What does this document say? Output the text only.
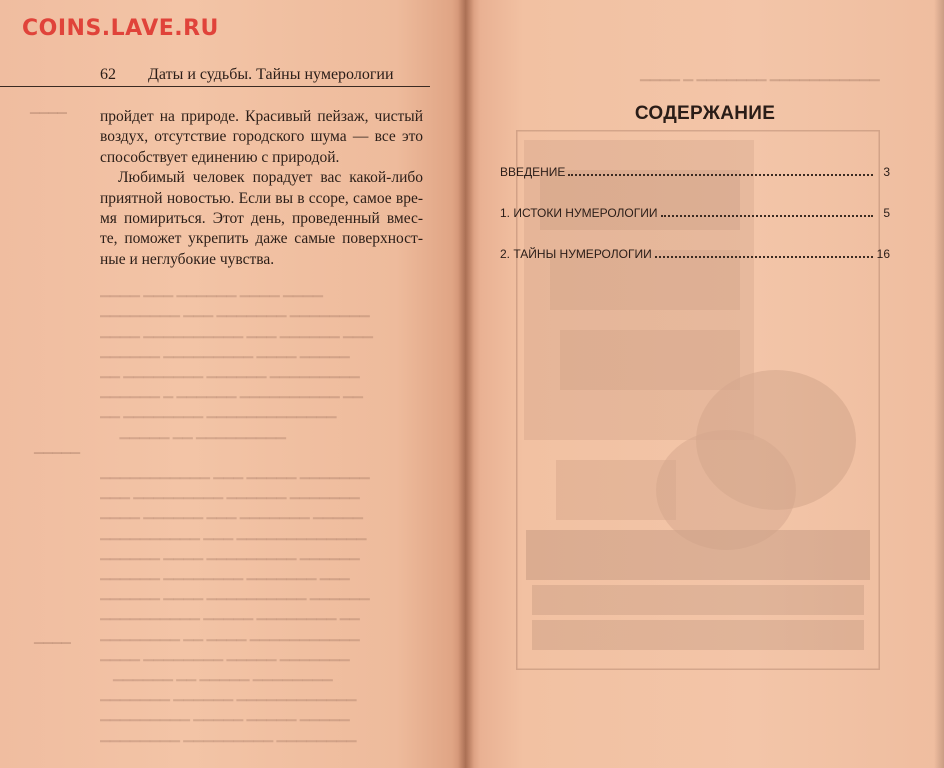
▁▁▁▁ ▁▁▁ ▁▁▁▁▁▁ ▁▁▁▁ ▁▁▁▁
▁▁▁▁▁▁▁▁ ▁▁▁ ▁▁▁▁▁▁▁ ▁▁▁▁▁▁▁▁
▁▁▁▁ ▁▁▁▁▁▁▁▁▁▁ ▁▁▁ ▁▁▁▁▁▁ ▁▁▁
▁▁▁▁▁▁ ▁▁▁▁▁▁▁▁▁ ▁▁▁▁ ▁▁▁▁▁
▁▁ ▁▁▁▁▁▁▁▁ ▁▁▁▁▁▁ ▁▁▁▁▁▁▁▁▁
▁▁▁▁▁▁ ▁ ▁▁▁▁▁▁ ▁▁▁▁▁▁▁▁▁▁ ▁▁
▁▁ ▁▁▁▁▁▁▁▁ ▁▁▁▁▁▁▁▁▁▁▁▁▁
▁▁▁▁▁ ▁▁ ▁▁▁▁▁▁▁▁▁

▁▁▁▁▁▁▁▁▁▁▁ ▁▁▁ ▁▁▁▁▁ ▁▁▁▁▁▁▁
▁▁▁ ▁▁▁▁▁▁▁▁▁ ▁▁▁▁▁▁ ▁▁▁▁▁▁▁
▁▁▁▁ ▁▁▁▁▁▁ ▁▁▁ ▁▁▁▁▁▁▁ ▁▁▁▁▁
▁▁▁▁▁▁▁▁▁▁ ▁▁▁ ▁▁▁▁▁▁▁▁▁▁▁▁▁
▁▁▁▁▁▁ ▁▁▁▁ ▁▁▁▁▁▁▁▁▁ ▁▁▁▁▁▁
▁▁▁▁▁▁ ▁▁▁▁▁▁▁▁ ▁▁▁▁▁▁▁ ▁▁▁
▁▁▁▁▁▁ ▁▁▁▁ ▁▁▁▁▁▁▁▁▁▁ ▁▁▁▁▁▁
▁▁▁▁▁▁▁▁▁▁ ▁▁▁▁▁ ▁▁▁▁▁▁▁▁ ▁▁
▁▁▁▁▁▁▁▁ ▁▁ ▁▁▁▁ ▁▁▁▁▁▁▁▁▁▁▁
▁▁▁▁ ▁▁▁▁▁▁▁▁ ▁▁▁▁▁ ▁▁▁▁▁▁▁
▁▁▁▁▁▁ ▁▁ ▁▁▁▁▁ ▁▁▁▁▁▁▁▁
▁▁▁▁▁▁▁ ▁▁▁▁▁▁ ▁▁▁▁▁▁▁▁▁▁▁▁
▁▁▁▁▁▁▁▁▁ ▁▁▁▁▁ ▁▁▁▁▁ ▁▁▁▁▁
▁▁▁▁▁▁▁▁ ▁▁▁▁▁▁▁▁▁ ▁▁▁▁▁▁▁▁
▁▁▁▁
▁▁▁▁▁
▁▁▁▁
▁▁▁▁ ▁ ▁▁▁▁▁▁▁ ▁▁▁▁▁▁▁▁▁▁▁
COINS.LAVE.RU
62 Даты и судьбы. Тайны нумерологии
пройдет на природе. Красивый пейзаж, чистый
воздух, отсутствие городского шума — все это
способствует единению с природой.
Любимый человек порадует вас какой-либо
приятной новостью. Если вы в ссоре, самое вре-
мя помириться. Этот день, проведенный вмес-
те, поможет укрепить даже самые поверхност-
ные и неглубокие чувства.
СОДЕРЖАНИЕ
ВВЕДЕНИЕ	3
1. ИСТОКИ НУМЕРОЛОГИИ	5
2. ТАЙНЫ НУМЕРОЛОГИИ	16
